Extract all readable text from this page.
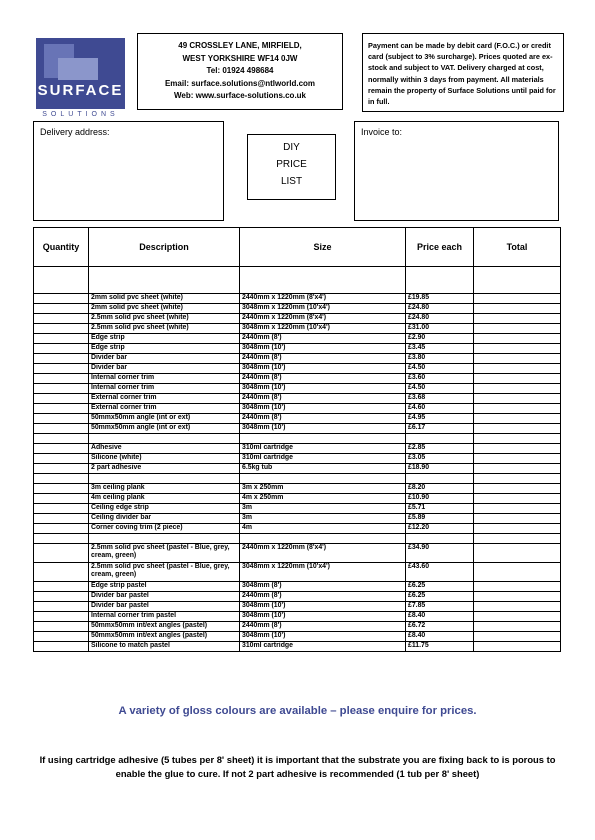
SURFACE
SOLUTIONS
49 CROSSLEY LANE, MIRFIELD,
WEST YORKSHIRE WF14 0JW
Tel: 01924 498684
Email: surface.solutions@ntlworld.com
Web: www.surface-solutions.co.uk
Payment can be made by debit card (F.O.C.) or credit card (subject to 3% surcharge). Prices quoted are ex-stock and subject to VAT. Delivery charged at cost, normally within 3 days from payment. All materials remain the property of Surface Solutions until paid for in full.
Delivery address:
DIY
PRICE
LIST
Invoice to:
Quantity	Description	Size	Price each	Total

	2mm solid pvc sheet (white)	2440mm x 1220mm (8'x4')	£19.85	
	2mm solid pvc sheet (white)	3048mm x 1220mm (10'x4')	£24.80	
	2.5mm solid pvc sheet (white)	2440mm x 1220mm (8'x4')	£24.80	
	2.5mm solid pvc sheet (white)	3048mm x 1220mm (10'x4')	£31.00	
	Edge strip	2440mm (8')	£2.90	
	Edge strip	3048mm (10')	£3.45	
	Divider bar	2440mm (8')	£3.80	
	Divider bar	3048mm (10')	£4.50	
	Internal corner trim	2440mm (8')	£3.60	
	Internal corner trim	3048mm (10')	£4.50	
	External corner trim	2440mm (8')	£3.68	
	External corner trim	3048mm (10')	£4.60	
	50mmx50mm angle (int or ext)	2440mm (8')	£4.95	
	50mmx50mm angle (int or ext)	3048mm (10')	£6.17	

	Adhesive	310ml cartridge	£2.85	
	Silicone (white)	310ml cartridge	£3.05	
	2 part adhesive	6.5kg tub	£18.90	

	3m ceiling plank	3m x 250mm	£8.20	
	4m ceiling plank	4m x 250mm	£10.90	
	Ceiling edge strip	3m	£5.71	
	Ceiling divider bar	3m	£5.89	
	Corner coving trim (2 piece)	4m	£12.20	

	2.5mm solid pvc sheet (pastel - Blue, grey, cream, green)	2440mm x 1220mm (8'x4')	£34.90	
	2.5mm solid pvc sheet (pastel - Blue, grey, cream, green)	3048mm x 1220mm (10'x4')	£43.60	
	Edge strip pastel	3048mm (8')	£6.25	
	Divider bar pastel	2440mm (8')	£6.25	
	Divider bar pastel	3048mm (10')	£7.85	
	Internal corner trim pastel	3048mm (10')	£8.40	
	50mmx50mm int/ext angles (pastel)	2440mm (8')	£6.72	
	50mmx50mm int/ext angles (pastel)	3048mm (10')	£8.40	
	Silicone to match pastel	310ml cartridge	£11.75	
A variety of gloss colours are available – please enquire for prices.
If using cartridge adhesive (5 tubes per 8' sheet) it is important that the substrate you are fixing back to is porous to enable the glue to cure. If not 2 part adhesive is recommended (1 tub per 8' sheet)
